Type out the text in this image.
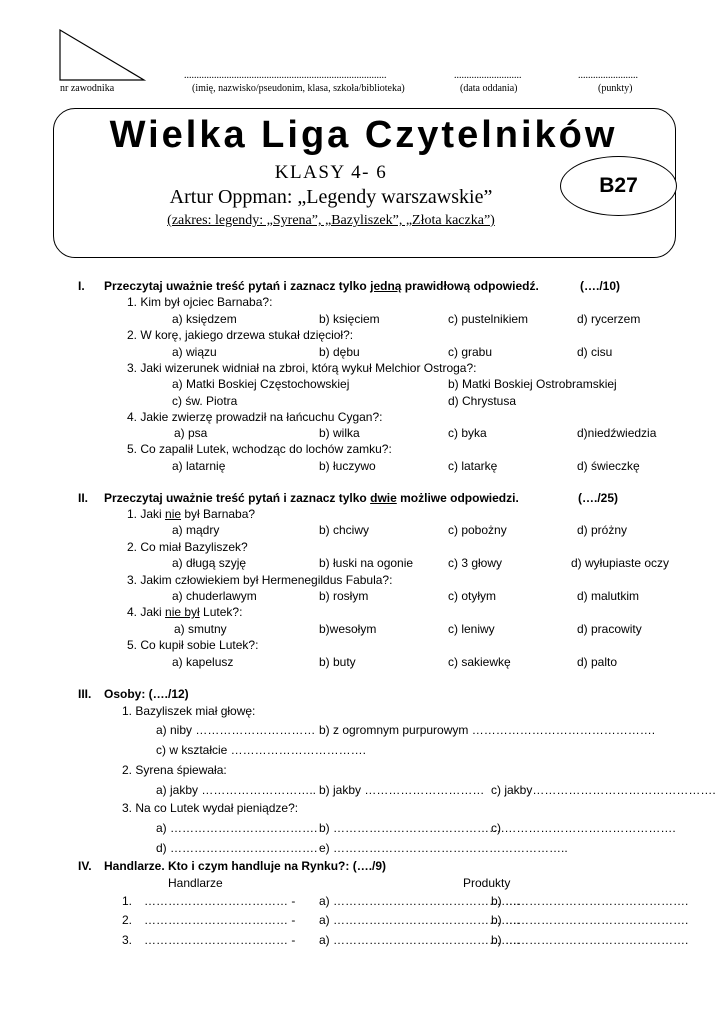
.................................................................................	...........................	........................
nr zawodnika	(imię, nazwisko/pseudonim, klasa, szkoła/biblioteka)	(data oddania)	(punkty)
Wielka Liga Czytelników
KLASY 4- 6
Artur Oppman: „Legendy warszawskie”
(zakres: legendy: „Syrena”, „Bazyliszek”, „Złota kaczka”)
B27
I. Przeczytaj uważnie treść pytań i zaznacz tylko jedną prawidłową odpowiedź.	(…./10)
1. Kim był ojciec Barnaba?:
a) księdzem	b) księciem	c) pustelnikiem	d) rycerzem
2. W korę, jakiego drzewa stukał dzięcioł?:
a) wiązu	b) dębu	c) grabu	d) cisu
3. Jaki wizerunek widniał na zbroi, którą wykuł Melchior Ostroga?:
a) Matki Boskiej Częstochowskiej	b) Matki Boskiej Ostrobramskiej
c) św. Piotra	d) Chrystusa
4. Jakie zwierzę prowadził na łańcuchu Cygan?:
a) psa	b) wilka	c) byka	d)niedźwiedzia
5. Co zapalił Lutek, wchodząc do lochów zamku?:
a) latarnię	b) łuczywo	c) latarkę	d) świeczkę
II. Przeczytaj uważnie treść pytań i zaznacz tylko dwie możliwe odpowiedzi.	(…./25)
1. Jaki nie był Barnaba?
a) mądry	b) chciwy	c) pobożny	d) próżny
2. Co miał Bazyliszek?
a) długą szyję	b) łuski na ogonie	c) 3 głowy	d) wyłupiaste oczy
3. Jakim człowiekiem był Hermenegildus Fabula?:
a) chuderlawym	b) rosłym	c) otyłym	d) malutkim
4. Jaki nie był Lutek?:
a) smutny	b)wesołym	c) leniwy	d) pracowity
5. Co kupił sobie Lutek?:
a) kapelusz	b) buty	c) sakiewkę	d) palto
III. Osoby: (…./12)
1. Bazyliszek miał głowę:
a) niby ………………………… b) z ogromnym purpurowym ……………………………………….
c) w kształcie …………………………….
2. Syrena śpiewała:
a) jakby ……………………….. b) jakby ………………………… c) jakby……………………………………….
3. Na co Lutek wydał pieniądze?:
a) ………………………………. b) …………………………………….
c) …………………………………….
d) ………………………………. e) …………………………………………………..
IV. Handlarze. Kto i czym handluje na Rynku?: (…./9)
Handlarze	Produkty
1. ……………………………… - a) ………………………………………..
b) ……………………………………….
2. ……………………………… - a) ………………………………………..
b) ……………………………………….
3. ……………………………… - a) ………………………………………..
b) ……………………………………….
